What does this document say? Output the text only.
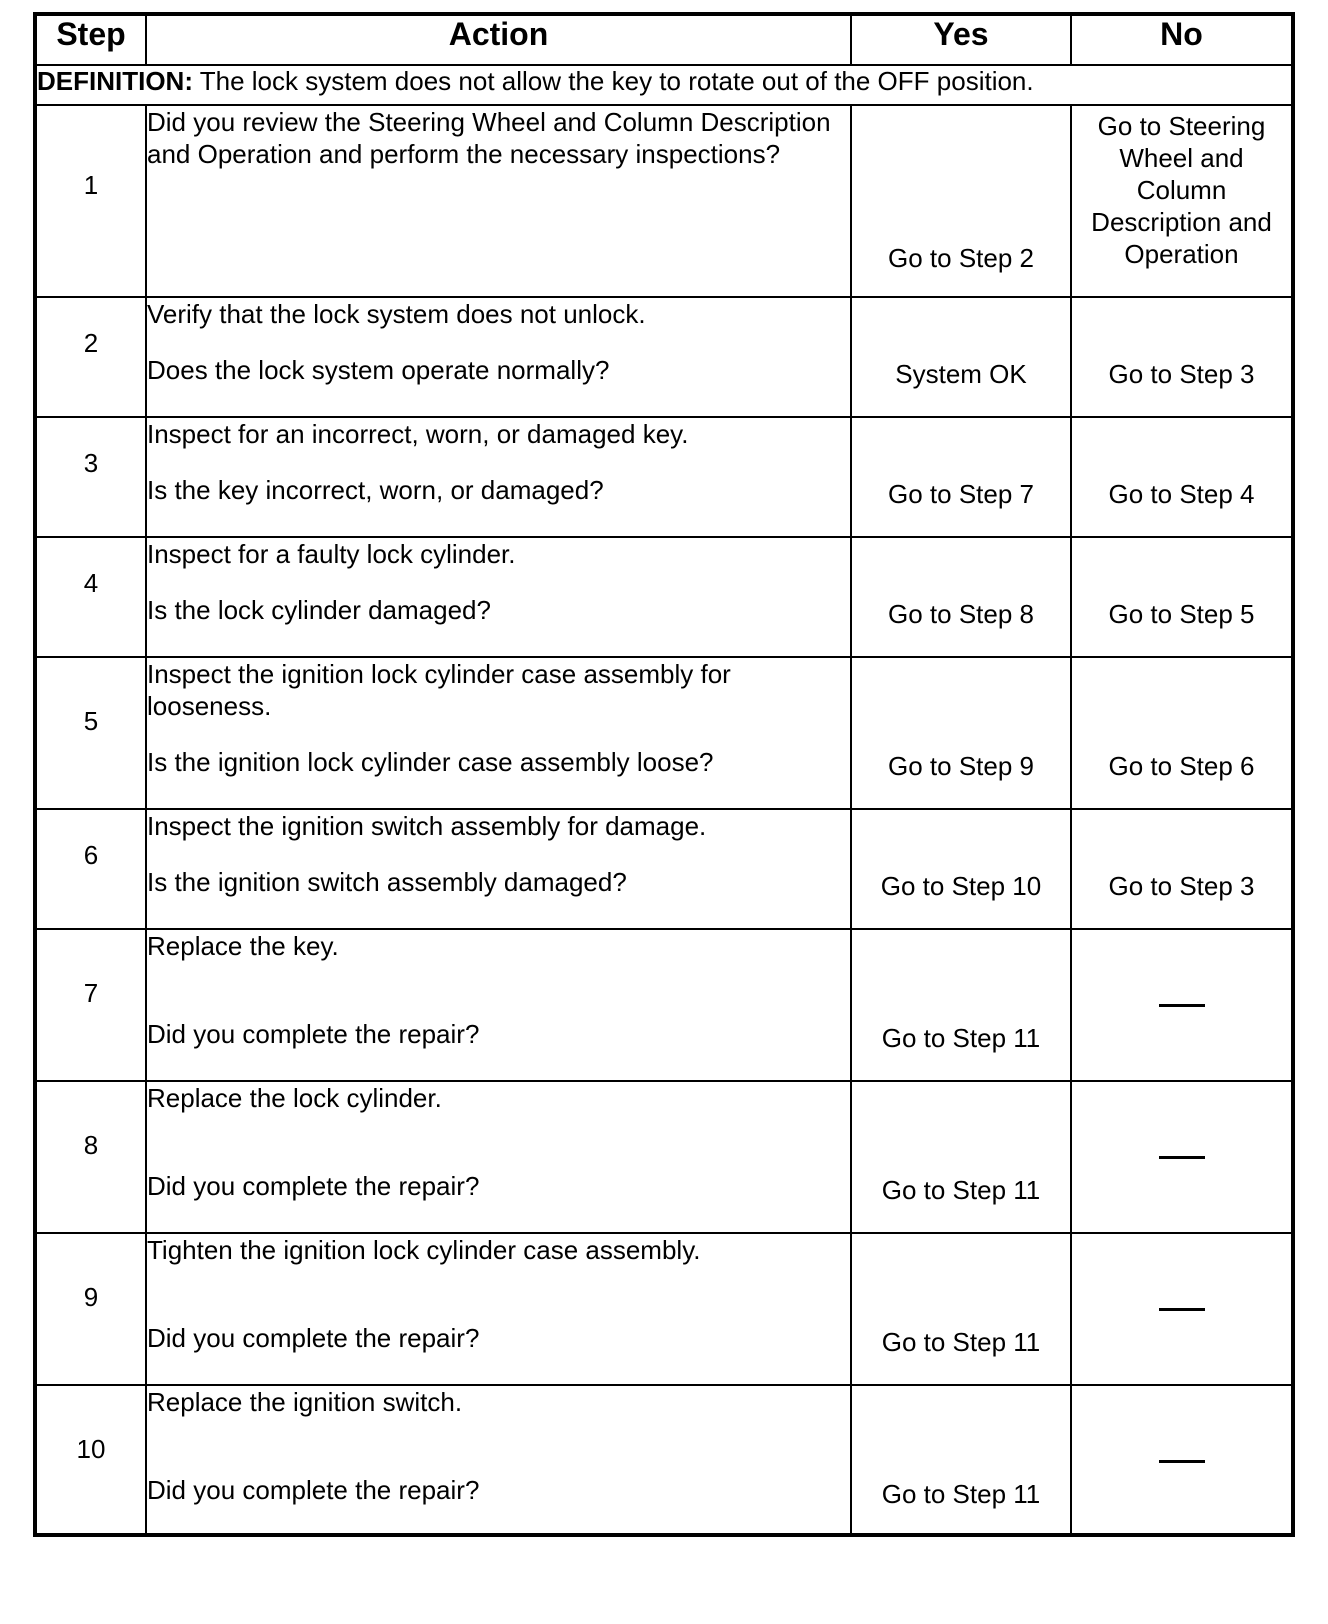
Step	Action	Yes	No
DEFINITION: The lock system does not allow the key to rotate out of the OFF position.			

1	Did you review the Steering Wheel and Column Description and Operation and perform the necessary inspections?	Go to Step 2	Go to Steering Wheel and Column Description and Operation

2	Verify that the lock system does not unlock.
Does the lock system operate normally?	System OK	Go to Step 3

3	Inspect for an incorrect, worn, or damaged key.
Is the key incorrect, worn, or damaged?	Go to Step 7	Go to Step 4

4	Inspect for a faulty lock cylinder.
Is the lock cylinder damaged?	Go to Step 8	Go to Step 5

5	Inspect the ignition lock cylinder case assembly for looseness.
Is the ignition lock cylinder case assembly loose?	Go to Step 9	Go to Step 6

6	Inspect the ignition switch assembly for damage.
Is the ignition switch assembly damaged?	Go to Step 10	Go to Step 3

7	Replace the key.
Did you complete the repair?	Go to Step 11	

8	Replace the lock cylinder.
Did you complete the repair?	Go to Step 11	

9	Tighten the ignition lock cylinder case assembly.
Did you complete the repair?	Go to Step 11	

10	Replace the ignition switch.
Did you complete the repair?	Go to Step 11	
